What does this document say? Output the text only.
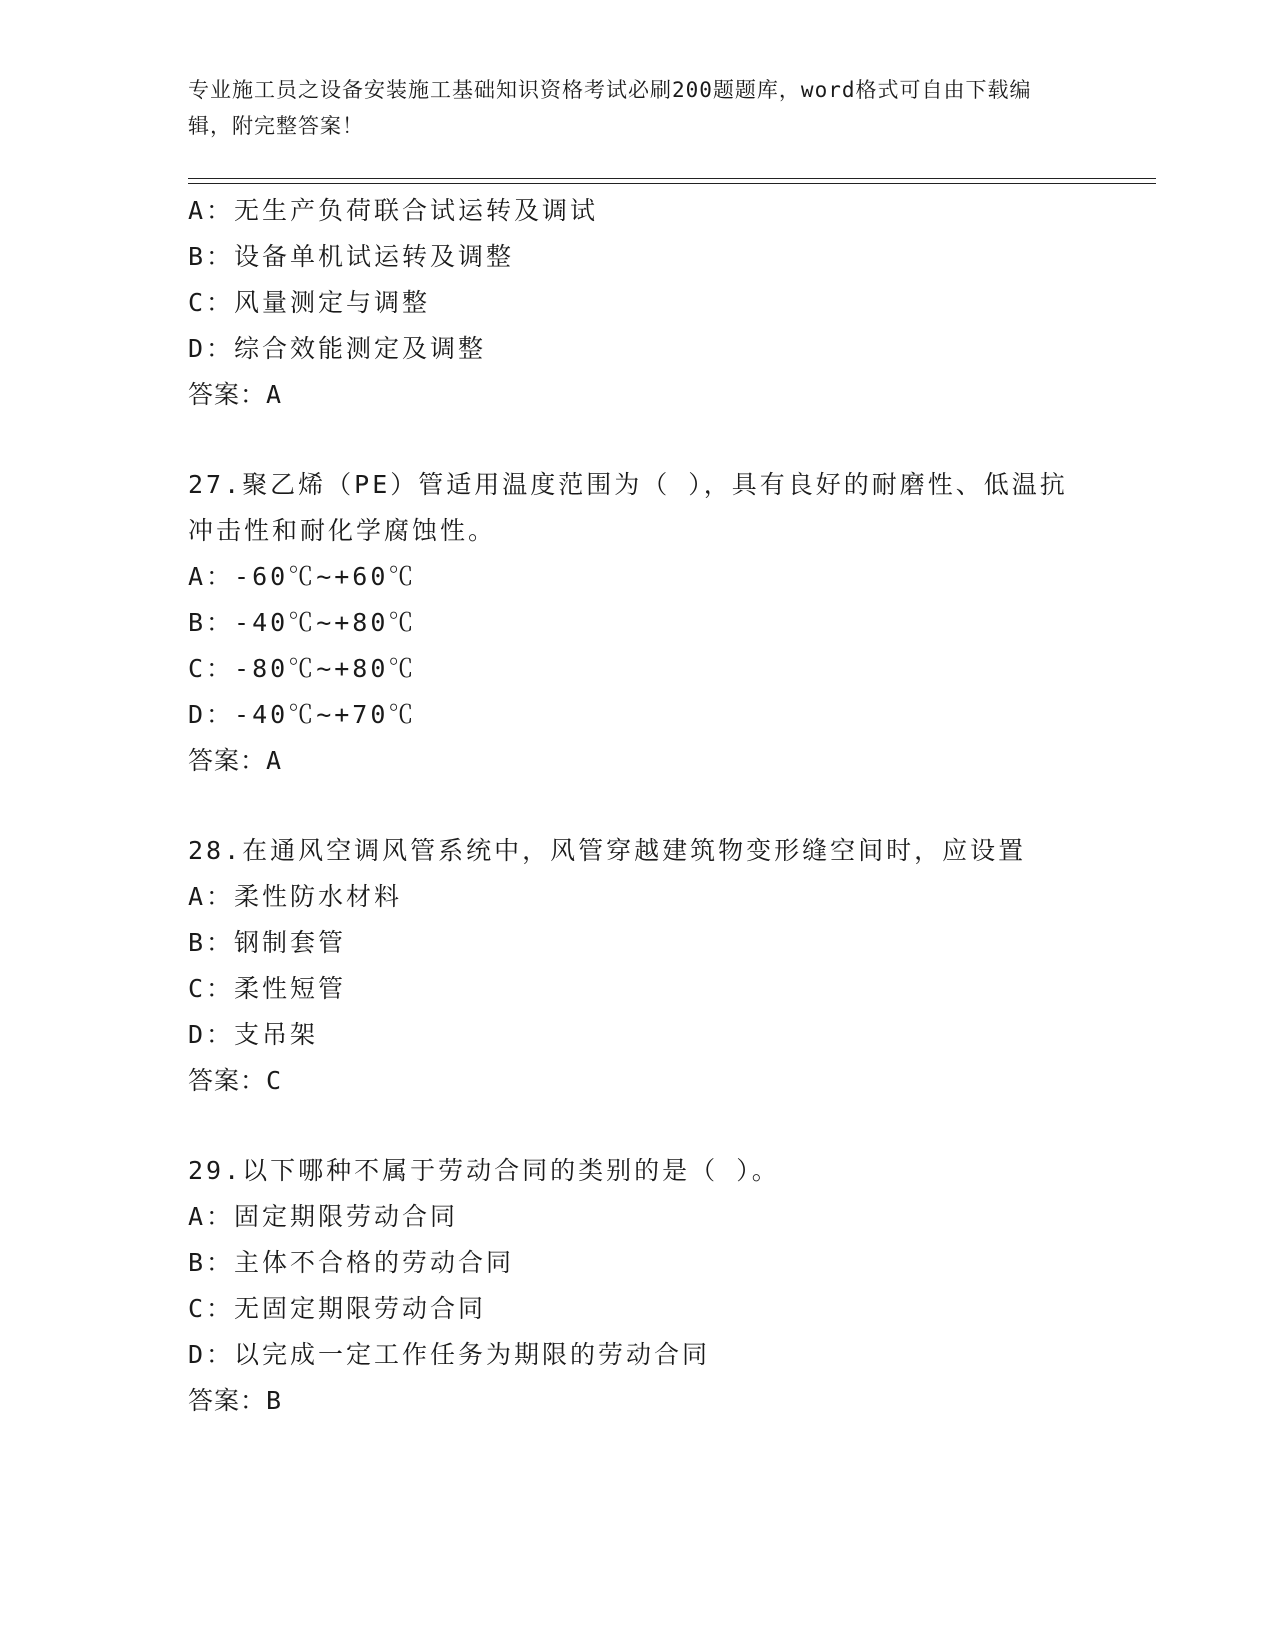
专业施工员之设备安装施工基础知识资格考试必刷200题题库，word格式可自由下载编辑，附完整答案！
A：无生产负荷联合试运转及调试
B：设备单机试运转及调整
C：风量测定与调整
D：综合效能测定及调整
答案：A
27.聚乙烯（PE）管适用温度范围为（ ），具有良好的耐磨性、低温抗冲击性和耐化学腐蚀性。
A：-60℃~+60℃
B：-40℃~+80℃
C：-80℃~+80℃
D：-40℃~+70℃
答案：A
28.在通风空调风管系统中，风管穿越建筑物变形缝空间时，应设置
A：柔性防水材料
B：钢制套管
C：柔性短管
D：支吊架
答案：C
29.以下哪种不属于劳动合同的类别的是（ ）。
A：固定期限劳动合同
B：主体不合格的劳动合同
C：无固定期限劳动合同
D：以完成一定工作任务为期限的劳动合同
答案：B
